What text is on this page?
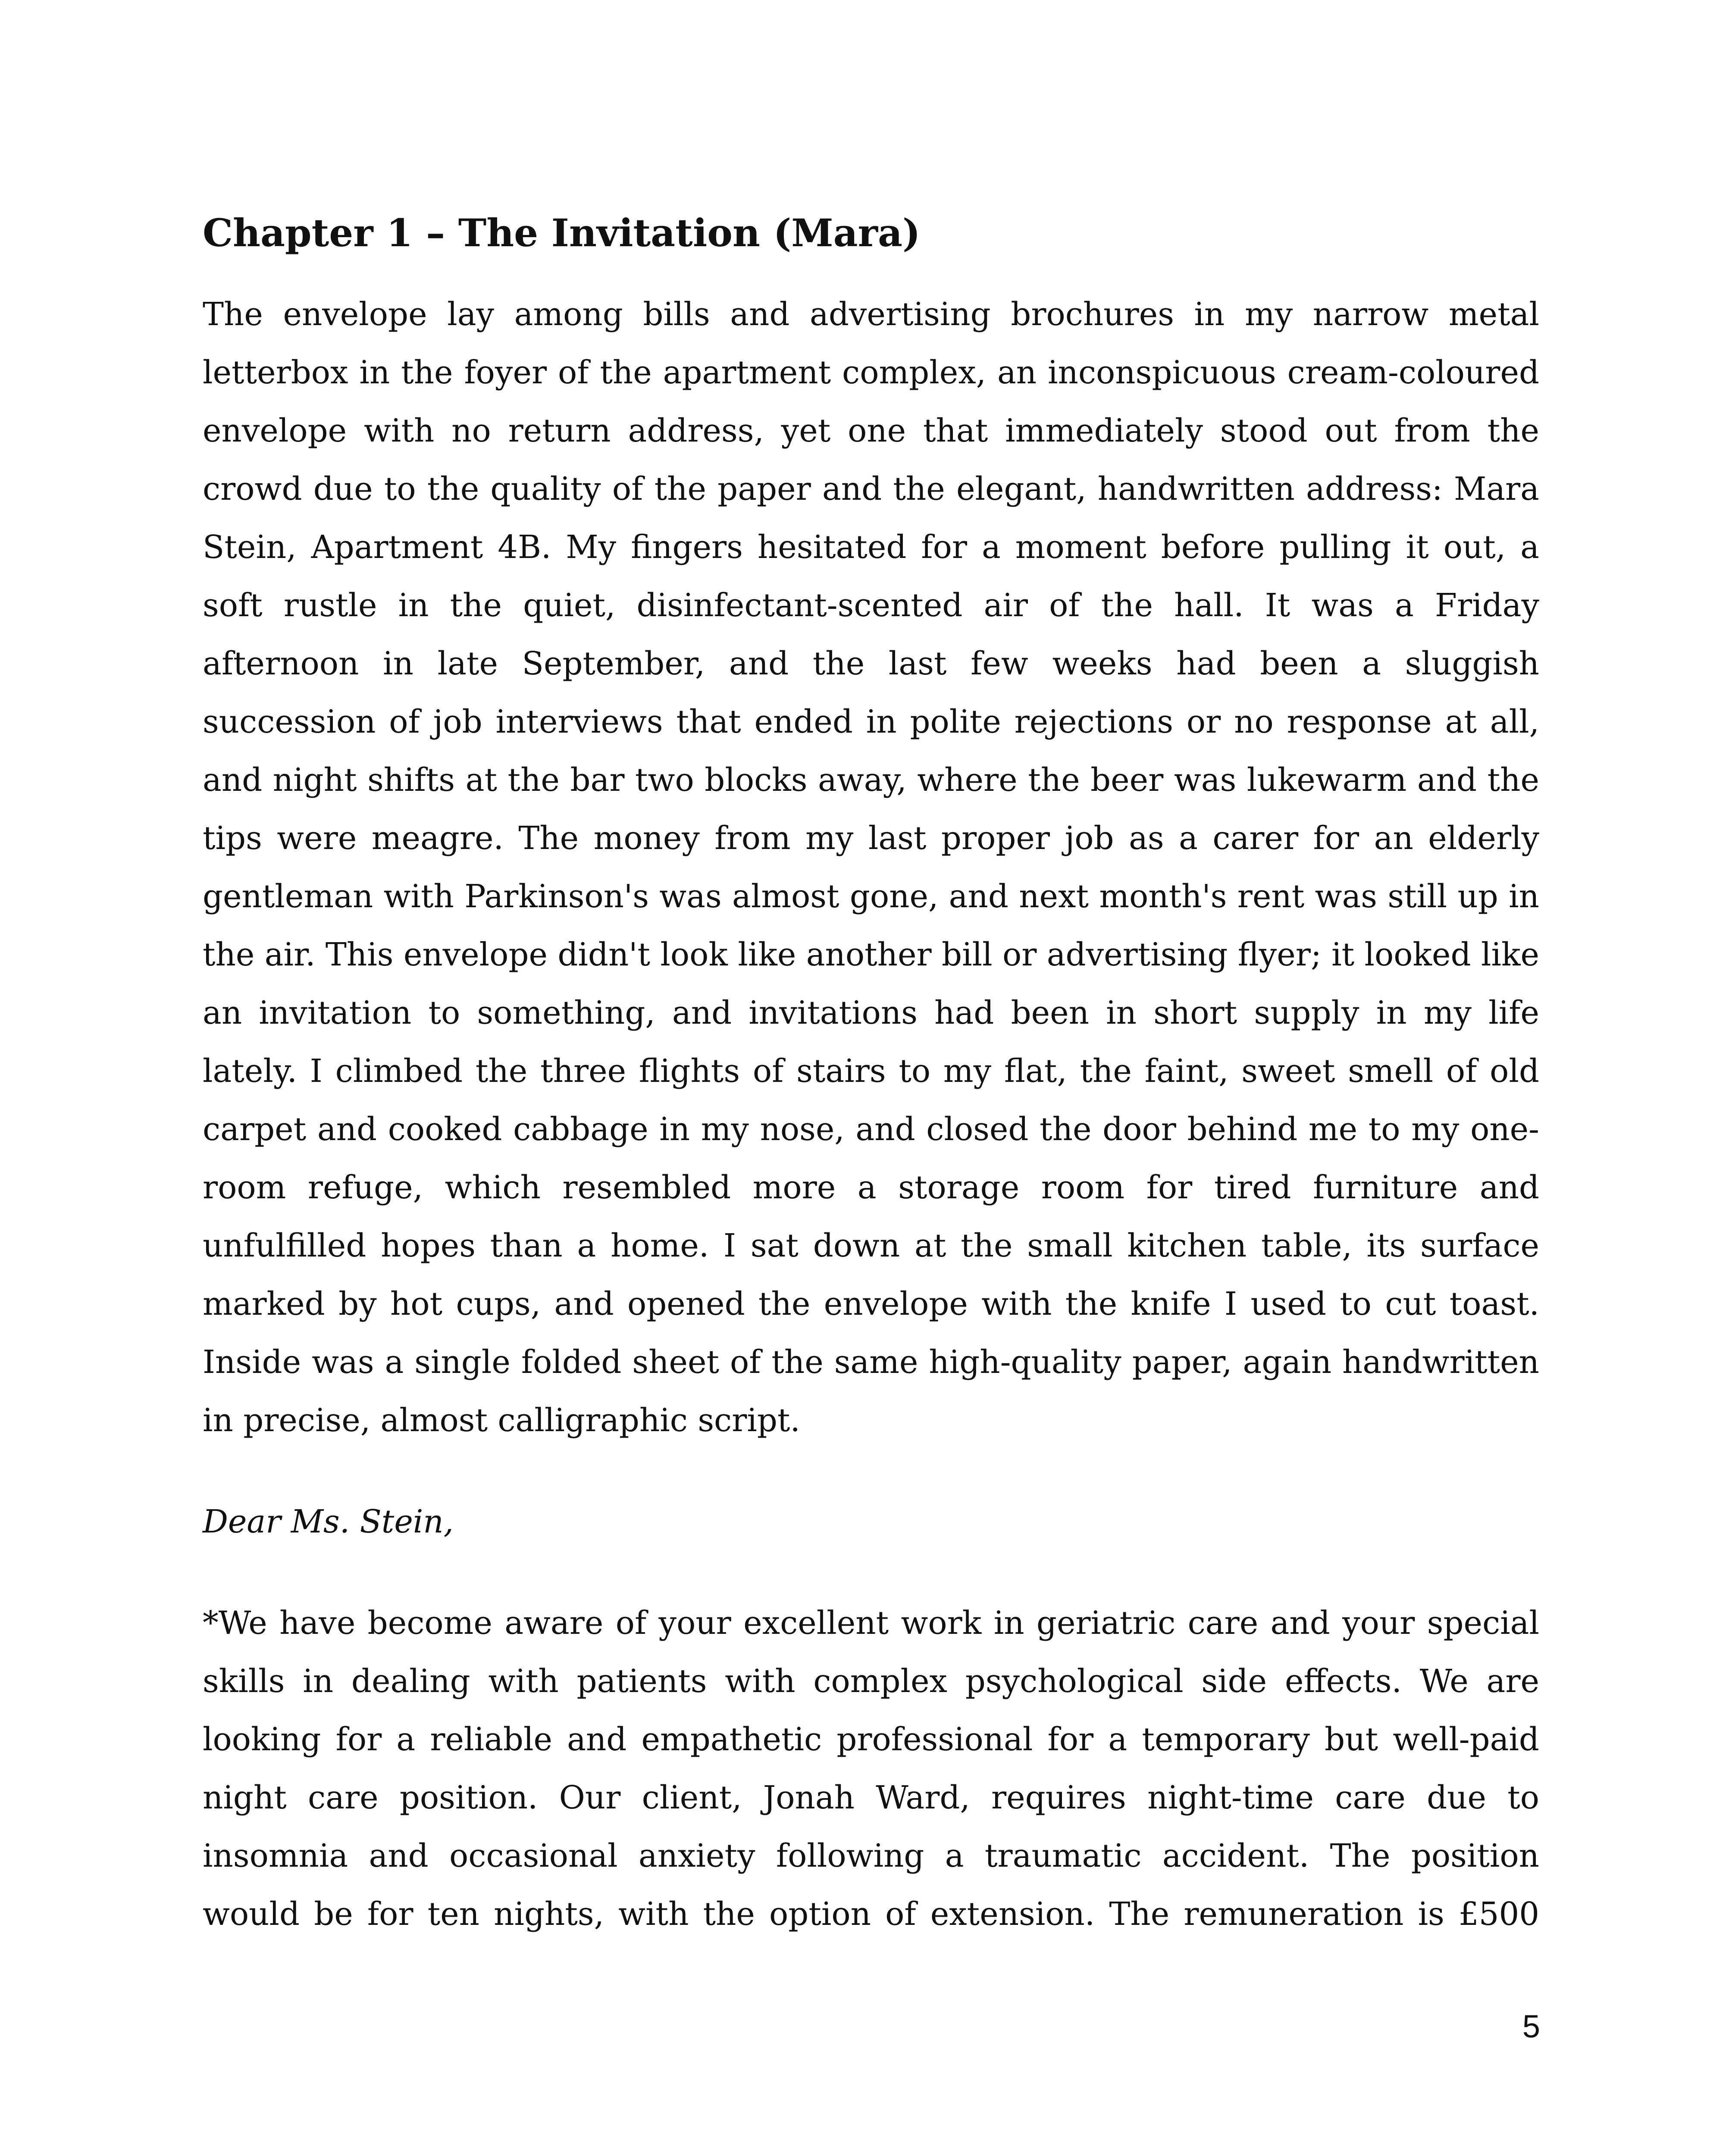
Chapter 1 – The Invitation (Mara)

The envelope lay among bills and advertising brochures in my narrow metal letterbox in the foyer of the apartment complex, an inconspicuous cream-coloured envelope with no return address, yet one that immediately stood out from the crowd due to the quality of the paper and the elegant, handwritten address: Mara Stein, Apartment 4B. My fingers hesitated for a moment before pulling it out, a soft rustle in the quiet, disinfectant-scented air of the hall. It was a Friday afternoon in late September, and the last few weeks had been a sluggish succession of job interviews that ended in polite rejections or no response at all, and night shifts at the bar two blocks away, where the beer was lukewarm and the tips were meagre. The money from my last proper job as a carer for an elderly gentleman with Parkinson's was almost gone, and next month's rent was still up in the air. This envelope didn't look like another bill or advertising flyer; it looked like an invitation to something, and invitations had been in short supply in my life lately. I climbed the three flights of stairs to my flat, the faint, sweet smell of old carpet and cooked cabbage in my nose, and closed the door behind me to my one-room refuge, which resembled more a storage room for tired furniture and unfulfilled hopes than a home. I sat down at the small kitchen table, its surface marked by hot cups, and opened the envelope with the knife I used to cut toast. Inside was a single folded sheet of the same high-quality paper, again handwritten in precise, almost calligraphic script.

Dear Ms. Stein,

*We have become aware of your excellent work in geriatric care and your special skills in dealing with patients with complex psychological side effects. We are looking for a reliable and empathetic professional for a temporary but well-paid night care position. Our client, Jonah Ward, requires night-time care due to insomnia and occasional anxiety following a traumatic accident. The position would be for ten nights, with the option of extension. The remuneration is £500

5
